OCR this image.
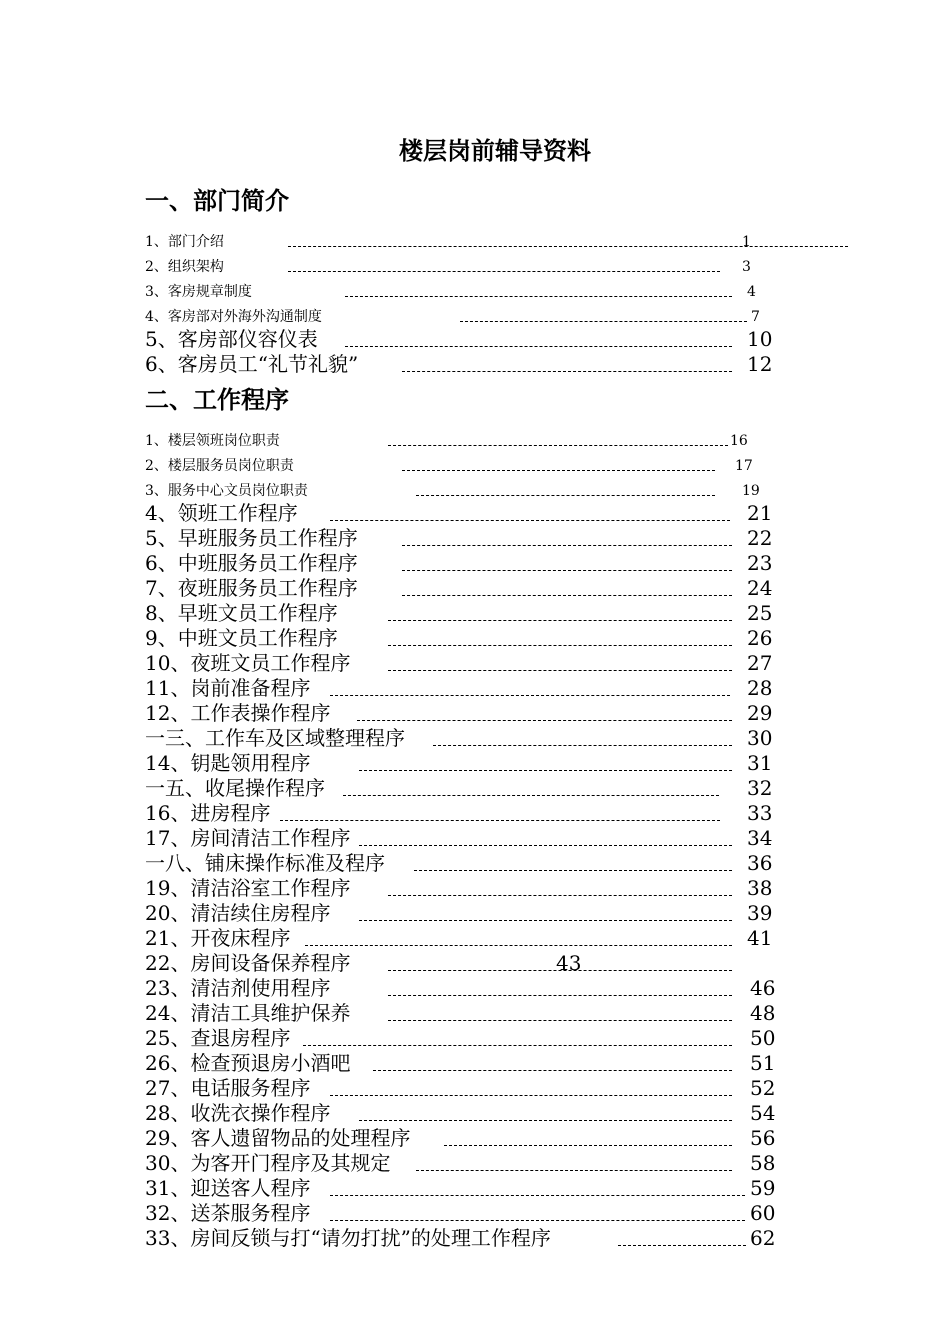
楼层岗前辅导资料
一、部门简介
1、部门介绍	1
2、组织架构	3
3、客房规章制度	4
4、客房部对外海外沟通制度	7
5、客房部仪容仪表	10
6、客房员工“礼节礼貌”	12
二、工作程序
1、楼层领班岗位职责	16
2、楼层服务员岗位职责	17
3、服务中心文员岗位职责	19
4、领班工作程序	21
5、早班服务员工作程序	22
6、中班服务员工作程序	23
7、夜班服务员工作程序	24
8、早班文员工作程序	25
9、中班文员工作程序	26
10、夜班文员工作程序	27
11、岗前准备程序	28
12、工作表操作程序	29
一三、工作车及区域整理程序	30
14、钥匙领用程序	31
一五、收尾操作程序	32
16、进房程序	33
17、房间清洁工作程序	34
一八、铺床操作标准及程序	36
19、清洁浴室工作程序	38
20、清洁续住房程序	39
21、开夜床程序	41
22、房间设备保养程序	43
23、清洁剂使用程序	46
24、清洁工具维护保养	48
25、查退房程序	50
26、检查预退房小酒吧	51
27、电话服务程序	52
28、收洗衣操作程序	54
29、客人遗留物品的处理程序	56
30、为客开门程序及其规定	58
31、迎送客人程序	59
32、送茶服务程序	60
33、房间反锁与打“请勿打扰”的处理工作程序	62
